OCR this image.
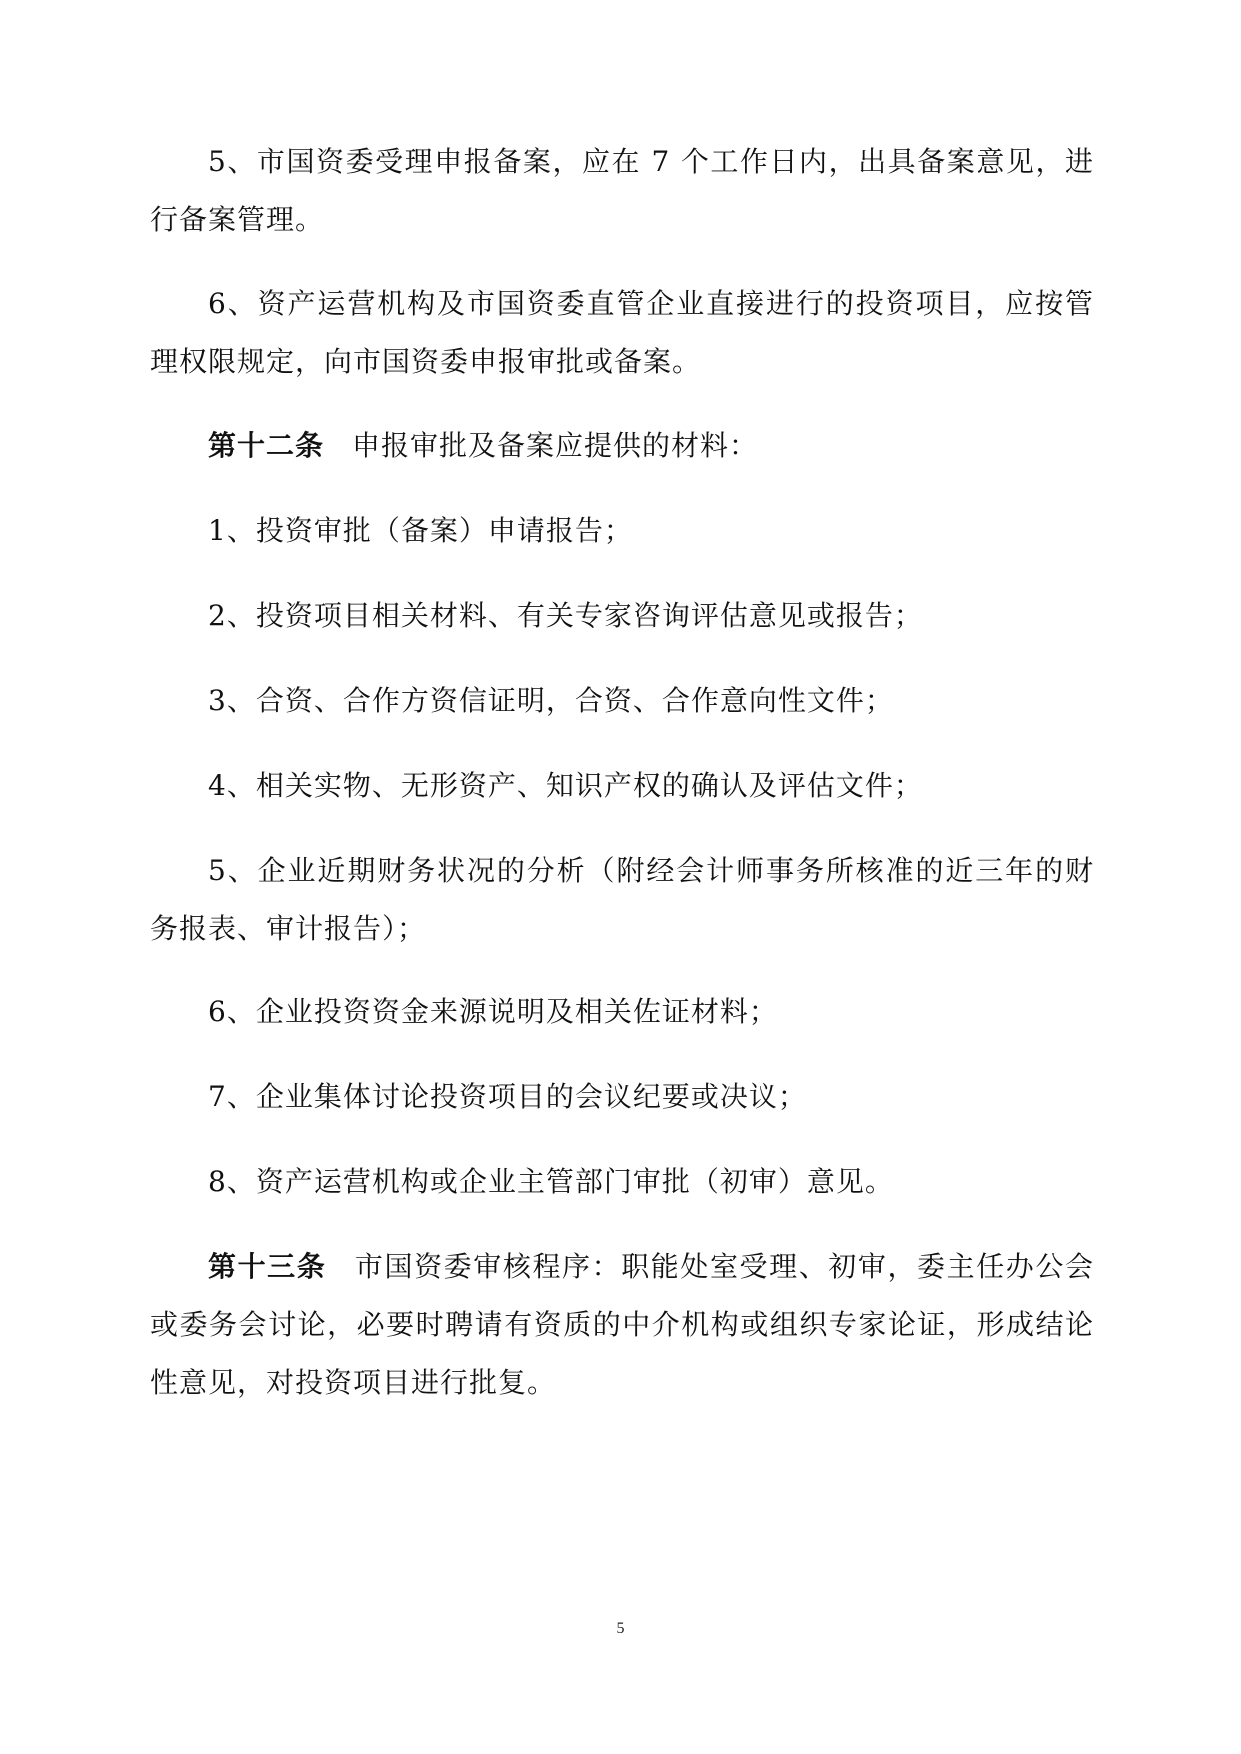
5、市国资委受理申报备案，应在 7 个工作日内，出具备案意见，进行备案管理。

6、资产运营机构及市国资委直管企业直接进行的投资项目，应按管理权限规定，向市国资委申报审批或备案。

第十二条 申报审批及备案应提供的材料：

1、投资审批（备案）申请报告；

2、投资项目相关材料、有关专家咨询评估意见或报告；

3、合资、合作方资信证明，合资、合作意向性文件；

4、相关实物、无形资产、知识产权的确认及评估文件；

5、企业近期财务状况的分析（附经会计师事务所核准的近三年的财务报表、审计报告）；

6、企业投资资金来源说明及相关佐证材料；

7、企业集体讨论投资项目的会议纪要或决议；

8、资产运营机构或企业主管部门审批（初审）意见。

第十三条 市国资委审核程序：职能处室受理、初审，委主任办公会或委务会讨论，必要时聘请有资质的中介机构或组织专家论证，形成结论性意见，对投资项目进行批复。

5
